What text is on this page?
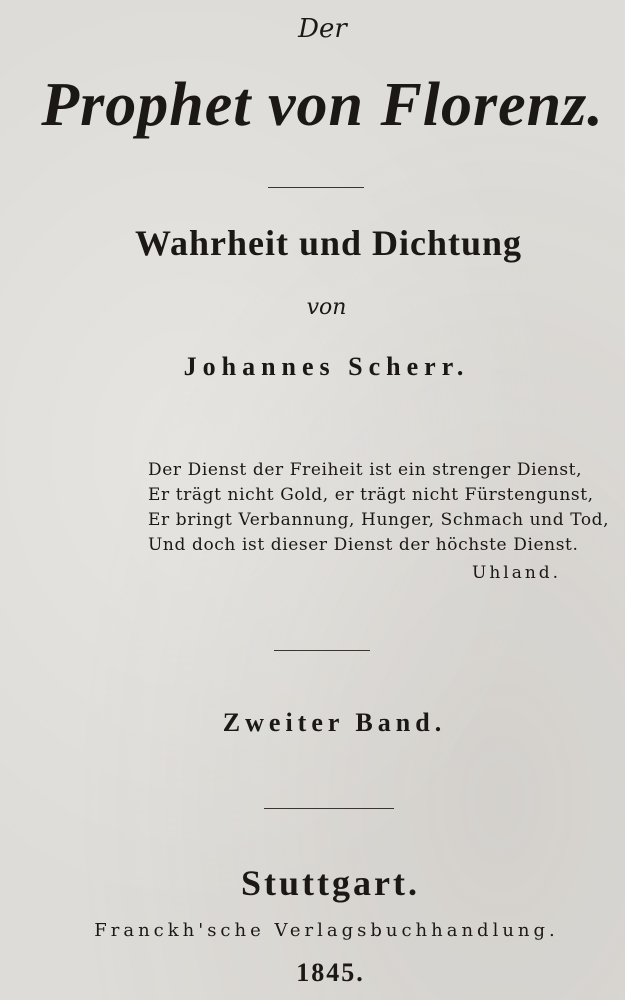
Der
Prophet von Florenz.
Wahrheit und Dichtung
von
Johannes Scherr.
Der Dienst der Freiheit ist ein strenger Dienst,
Er trägt nicht Gold, er trägt nicht Fürstengunst,
Er bringt Verbannung, Hunger, Schmach und Tod,
Und doch ist dieser Dienst der höchste Dienst.
Uhland.
Zweiter Band.
Stuttgart.
Franckh'sche Verlagsbuchhandlung.
1845.
